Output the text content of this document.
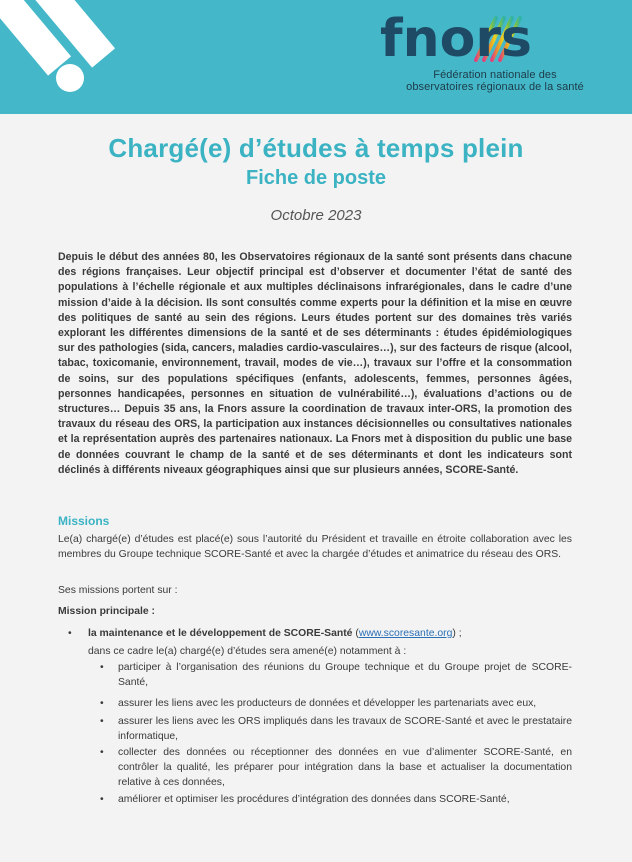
fnors
Fédération nationale des
observatoires régionaux de la santé
Chargé(e) d’études à temps plein
Fiche de poste
Octobre 2023
Depuis le début des années 80, les Observatoires régionaux de la santé sont présents dans chacune des régions françaises. Leur objectif principal est d’observer et documenter l’état de santé des populations à l’échelle régionale et aux multiples déclinaisons infrarégionales, dans le cadre d’une mission d’aide à la décision. Ils sont consultés comme experts pour la définition et la mise en œuvre des politiques de santé au sein des régions. Leurs études portent sur des domaines très variés explorant les différentes dimensions de la santé et de ses déterminants : études épidémiologiques sur des pathologies (sida, cancers, maladies cardio-vasculaires…), sur des facteurs de risque (alcool, tabac, toxicomanie, environnement, travail, modes de vie…), travaux sur l’offre et la consommation de soins, sur des populations spécifiques (enfants, adolescents, femmes, personnes âgées, personnes handicapées, personnes en situation de vulnérabilité…), évaluations d’actions ou de structures… Depuis 35 ans, la Fnors assure la coordination de travaux inter-ORS, la promotion des travaux du réseau des ORS, la participation aux instances décisionnelles ou consultatives nationales et la représentation auprès des partenaires nationaux. La Fnors met à disposition du public une base de données couvrant le champ de la santé et de ses déterminants et dont les indicateurs sont déclinés à différents niveaux géographiques ainsi que sur plusieurs années, SCORE-Santé.
Missions
Le(a) chargé(e) d’études est placé(e) sous l’autorité du Président et travaille en étroite collaboration avec les membres du Groupe technique SCORE-Santé et avec la chargée d’études et animatrice du réseau des ORS.
Ses missions portent sur :
Mission principale :
• la maintenance et le développement de SCORE-Santé (www.scoresante.org) ;
dans ce cadre le(a) chargé(e) d’études sera amené(e) notamment à :
• participer à l’organisation des réunions du Groupe technique et du Groupe projet de SCORE-Santé,
• assurer les liens avec les producteurs de données et développer les partenariats avec eux,
• assurer les liens avec les ORS impliqués dans les travaux de SCORE-Santé et avec le prestataire informatique,
• collecter des données ou réceptionner des données en vue d’alimenter SCORE-Santé, en contrôler la qualité, les préparer pour intégration dans la base et actualiser la documentation relative à ces données,
• améliorer et optimiser les procédures d’intégration des données dans SCORE-Santé,
